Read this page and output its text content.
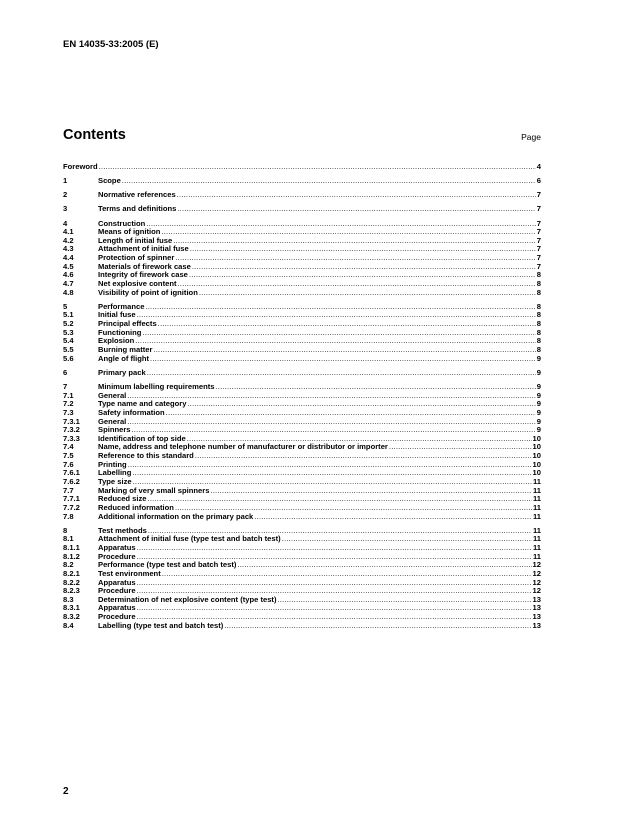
EN 14035-33:2005 (E)
Contents	Page
Foreword .....	4
1	Scope .....	6
2	Normative references .....	7
3	Terms and definitions .....	7
4	Construction .....	7
4.1	Means of ignition .....	7
4.2	Length of initial fuse .....	7
4.3	Attachment of initial fuse .....	7
4.4	Protection of spinner .....	7
4.5	Materials of firework case .....	7
4.6	Integrity of firework case .....	8
4.7	Net explosive content .....	8
4.8	Visibility of point of ignition .....	8
5	Performance .....	8
5.1	Initial fuse .....	8
5.2	Principal effects .....	8
5.3	Functioning .....	8
5.4	Explosion .....	8
5.5	Burning matter .....	8
5.6	Angle of flight .....	9
6	Primary pack .....	9
7	Minimum labelling requirements .....	9
7.1	General .....	9
7.2	Type name and category .....	9
7.3	Safety information .....	9
7.3.1	General .....	9
7.3.2	Spinners .....	9
7.3.3	Identification of top side .....	10
7.4	Name, address and telephone number of manufacturer or distributor or importer .....	10
7.5	Reference to this standard .....	10
7.6	Printing .....	10
7.6.1	Labelling .....	10
7.6.2	Type size .....	11
7.7	Marking of very small spinners .....	11
7.7.1	Reduced size .....	11
7.7.2	Reduced information .....	11
7.8	Additional information on the primary pack .....	11
8	Test methods .....	11
8.1	Attachment of initial fuse (type test and batch test) .....	11
8.1.1	Apparatus .....	11
8.1.2	Procedure .....	11
8.2	Performance (type test and batch test) .....	12
8.2.1	Test environment .....	12
8.2.2	Apparatus .....	12
8.2.3	Procedure .....	12
8.3	Determination of net explosive content (type test) .....	13
8.3.1	Apparatus .....	13
8.3.2	Procedure .....	13
8.4	Labelling (type test and batch test) .....	13
2
